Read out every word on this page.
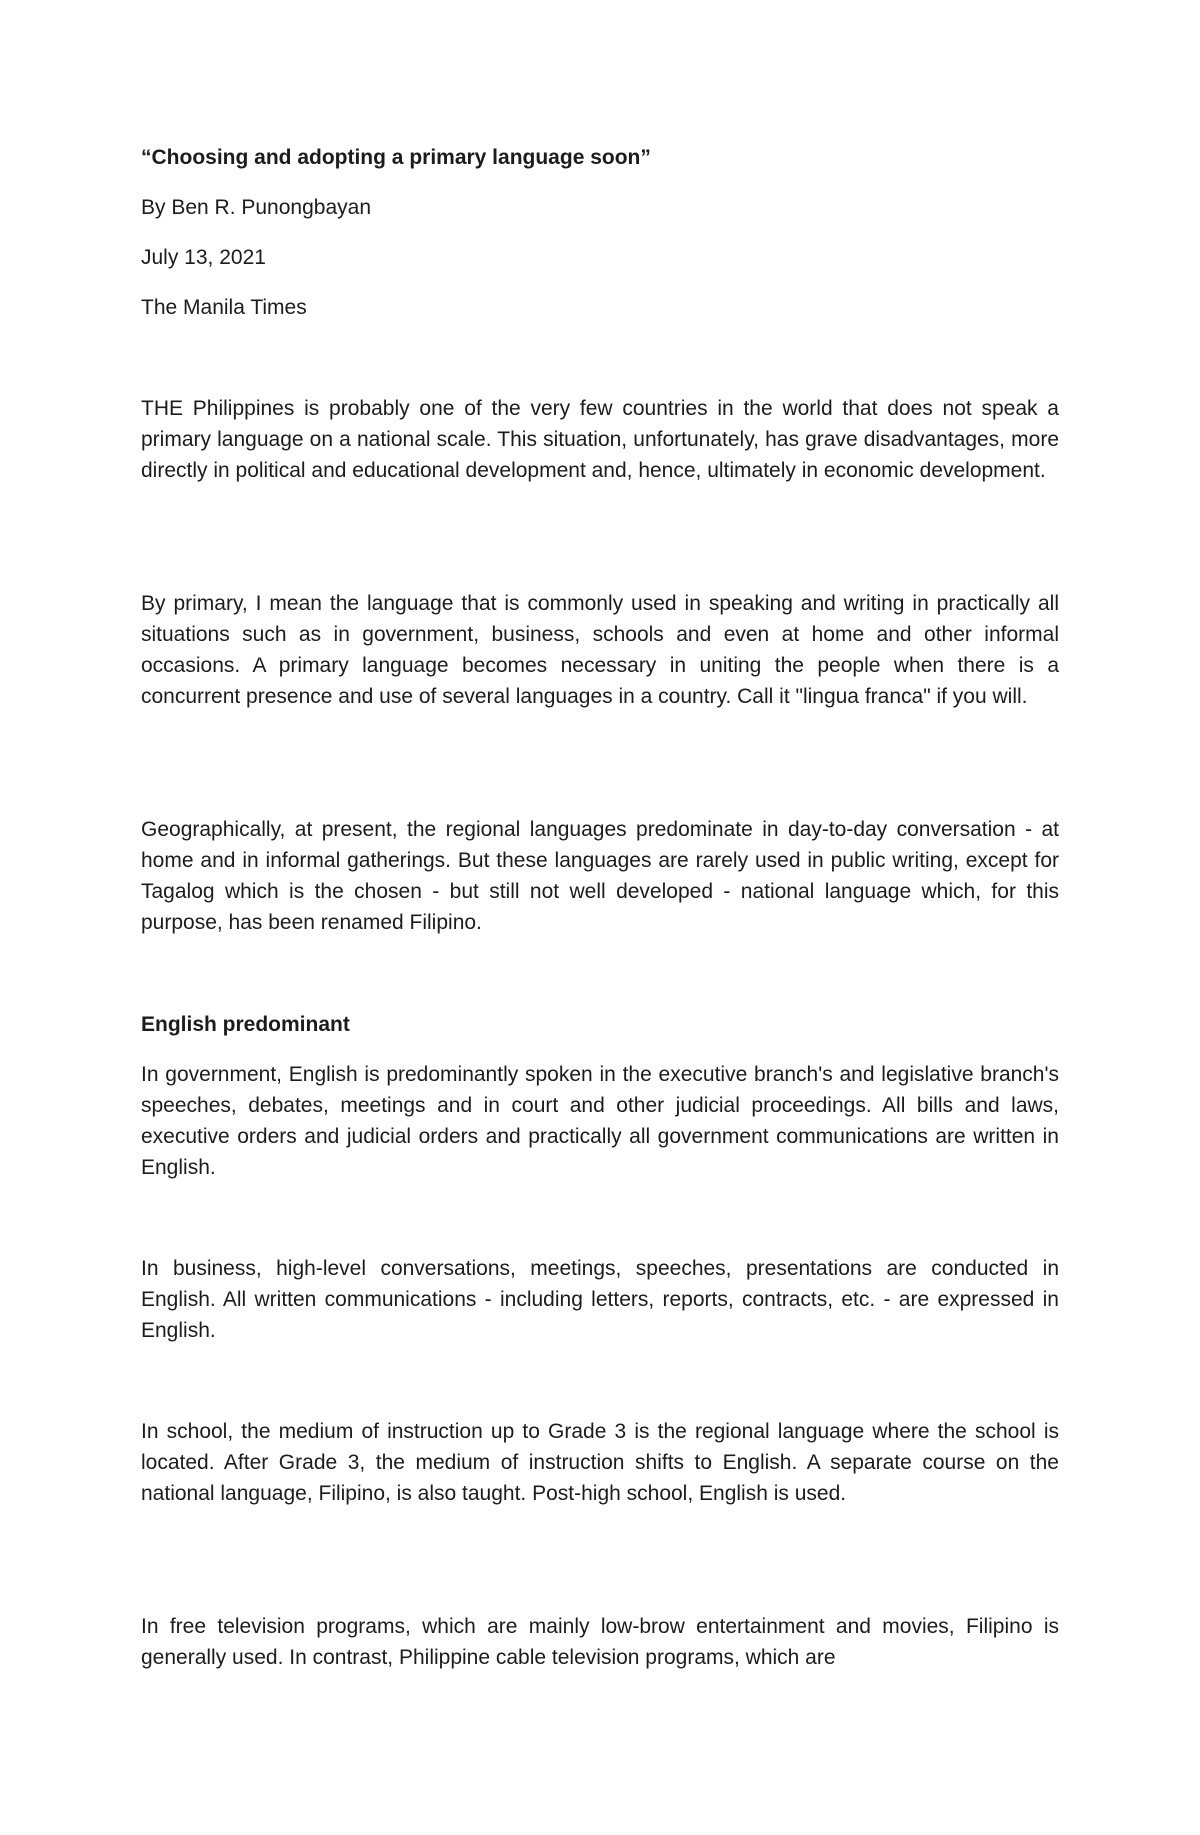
“Choosing and adopting a primary language soon”

By Ben R. Punongbayan

July 13, 2021

The Manila Times

THE Philippines is probably one of the very few countries in the world that does not speak a primary language on a national scale. This situation, unfortunately, has grave disadvantages, more directly in political and educational development and, hence, ultimately in economic development.

By primary, I mean the language that is commonly used in speaking and writing in practically all situations such as in government, business, schools and even at home and other informal occasions. A primary language becomes necessary in uniting the people when there is a concurrent presence and use of several languages in a country. Call it "lingua franca" if you will.

Geographically, at present, the regional languages predominate in day-to-day conversation - at home and in informal gatherings. But these languages are rarely used in public writing, except for Tagalog which is the chosen - but still not well developed - national language which, for this purpose, has been renamed Filipino.

English predominant

In government, English is predominantly spoken in the executive branch's and legislative branch's speeches, debates, meetings and in court and other judicial proceedings. All bills and laws, executive orders and judicial orders and practically all government communications are written in English.

In business, high-level conversations, meetings, speeches, presentations are conducted in English. All written communications - including letters, reports, contracts, etc. - are expressed in English.

In school, the medium of instruction up to Grade 3 is the regional language where the school is located. After Grade 3, the medium of instruction shifts to English. A separate course on the national language, Filipino, is also taught. Post-high school, English is used.

In free television programs, which are mainly low-brow entertainment and movies, Filipino is generally used. In contrast, Philippine cable television programs, which are
